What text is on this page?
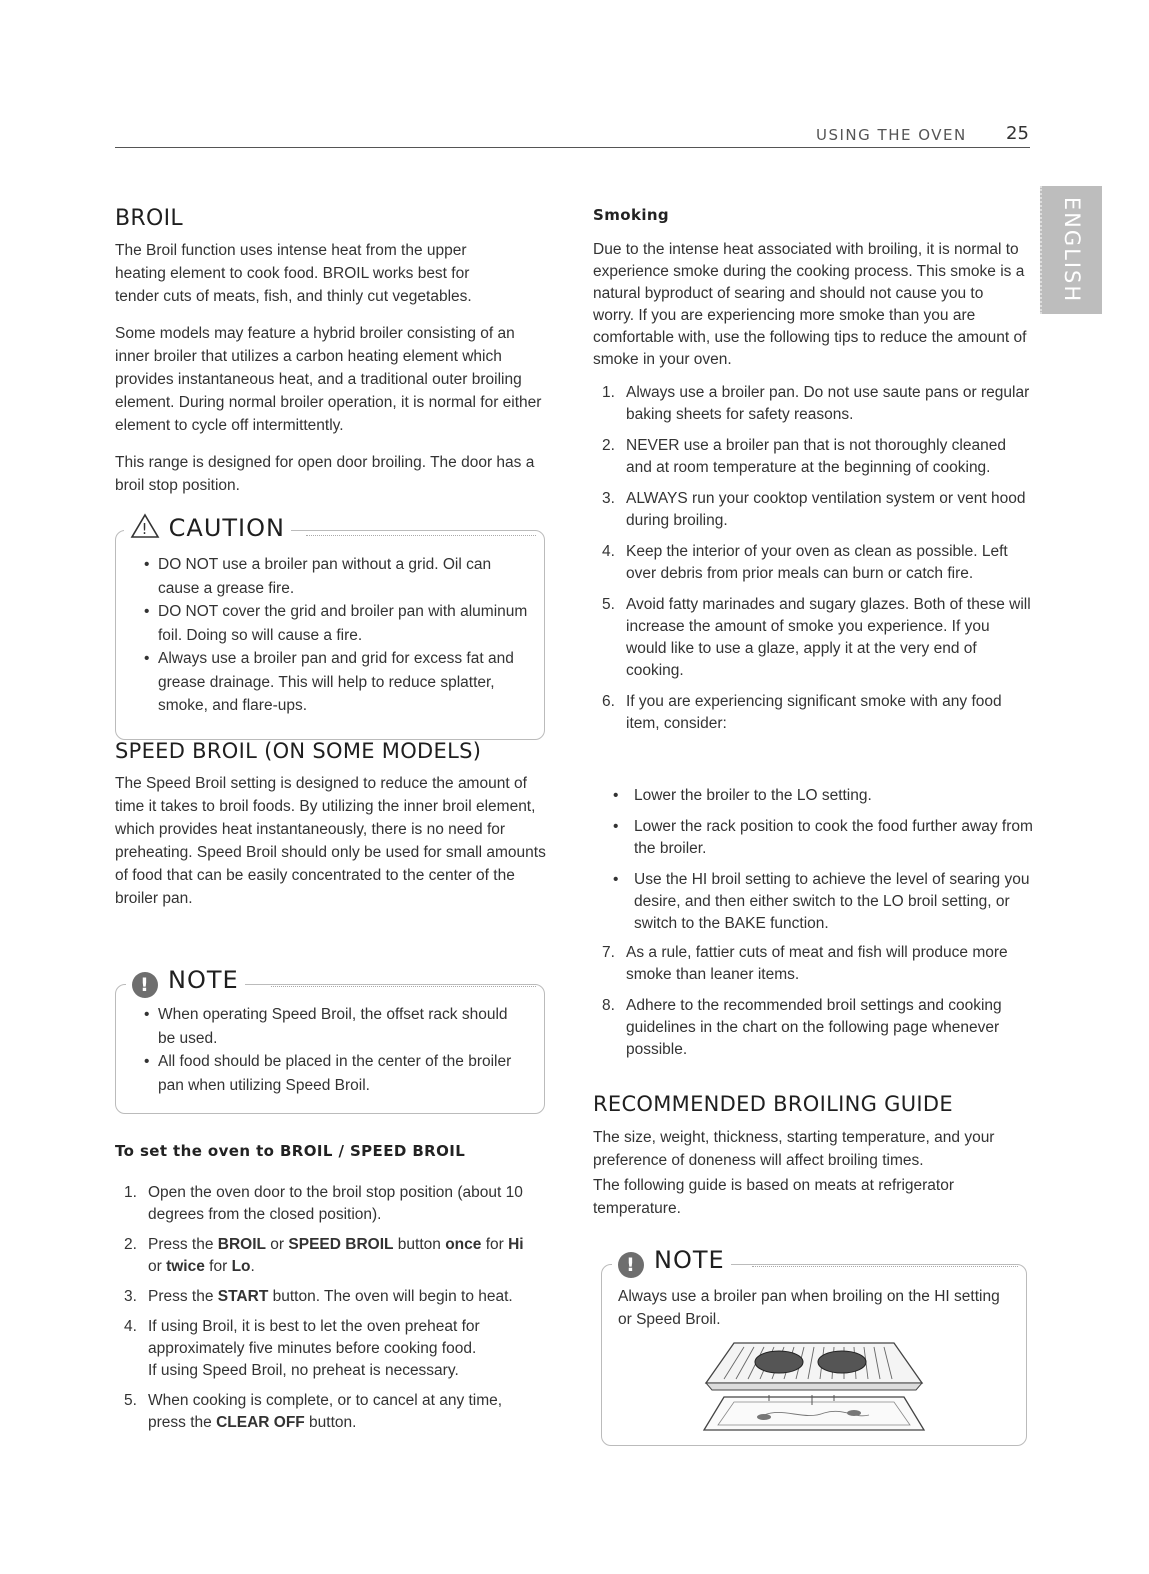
USING THE OVEN 25
ENGLISH
BROIL

The Broil function uses intense heat from the upper heating element to cook food. BROIL works best for tender cuts of meats, fish, and thinly cut vegetables.

Some models may feature a hybrid broiler consisting of an inner broiler that utilizes a carbon heating element which provides instantaneous heat, and a traditional outer broiling element. During normal broiler operation, it is normal for either element to cycle off intermittently.

This range is designed for open door broiling. The door has a broil stop position.

! CAUTION
• DO NOT use a broiler pan without a grid. Oil can cause a grease fire.
• DO NOT cover the grid and broiler pan with aluminum foil. Doing so will cause a fire.
• Always use a broiler pan and grid for excess fat and grease drainage. This will help to reduce splatter, smoke, and flare-ups.
SPEED BROIL (ON SOME MODELS)

The Speed Broil setting is designed to reduce the amount of time it takes to broil foods. By utilizing the inner broil element, which provides heat instantaneously, there is no need for preheating. Speed Broil should only be used for small amounts of food that can be easily concentrated to the center of the broiler pan.

! NOTE
• When operating Speed Broil, the offset rack should be used.
• All food should be placed in the center of the broiler pan when utilizing Speed Broil.
To set the oven to BROIL / SPEED BROIL
1. Open the oven door to the broil stop position (about 10 degrees from the closed position).
2. Press the BROIL or SPEED BROIL button once for Hi or twice for Lo.
3. Press the START button. The oven will begin to heat.
4. If using Broil, it is best to let the oven preheat for approximately five minutes before cooking food.
If using Speed Broil, no preheat is necessary.
5. When cooking is complete, or to cancel at any time, press the CLEAR OFF button.
Smoking

Due to the intense heat associated with broiling, it is normal to experience smoke during the cooking process. This smoke is a natural byproduct of searing and should not cause you to worry. If you are experiencing more smoke than you are comfortable with, use the following tips to reduce the amount of smoke in your oven.

1. Always use a broiler pan. Do not use saute pans or regular baking sheets for safety reasons.
2. NEVER use a broiler pan that is not thoroughly cleaned and at room temperature at the beginning of cooking.
3. ALWAYS run your cooktop ventilation system or vent hood during broiling.
4. Keep the interior of your oven as clean as possible. Left over debris from prior meals can burn or catch fire.
5. Avoid fatty marinades and sugary glazes. Both of these will increase the amount of smoke you experience. If you would like to use a glaze, apply it at the very end of cooking.
6. If you are experiencing significant smoke with any food item, consider:
• Lower the broiler to the LO setting.
• Lower the rack position to cook the food further away from the broiler.
• Use the HI broil setting to achieve the level of searing you desire, and then either switch to the LO broil setting, or switch to the BAKE function.
7. As a rule, fattier cuts of meat and fish will produce more smoke than leaner items.
8. Adhere to the recommended broil settings and cooking guidelines in the chart on the following page whenever possible.
RECOMMENDED BROILING GUIDE

The size, weight, thickness, starting temperature, and your preference of doneness will affect broiling times.

The following guide is based on meats at refrigerator temperature.

! NOTE

Always use a broiler pan when broiling on the HI setting or Speed Broil.
